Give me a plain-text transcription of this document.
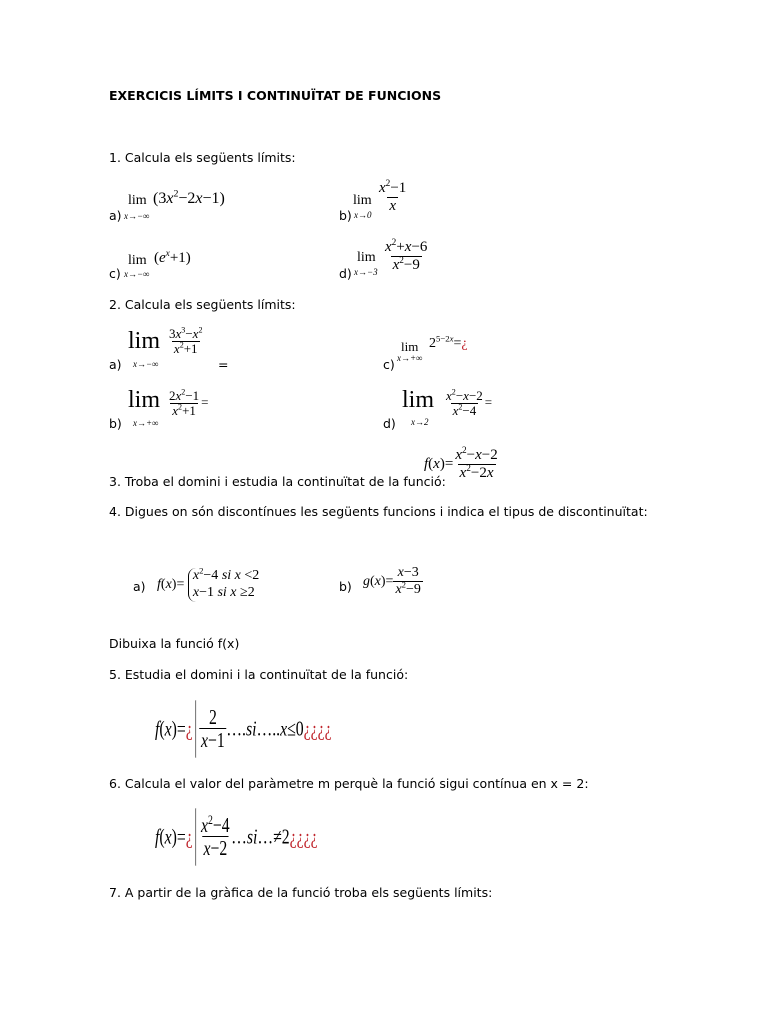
EXERCICIS LÍMITS I CONTINUÏTAT DE FUNCIONS
1. Calcula els següents límits:
a)
lim
x→−∞
$(3x^2-2x-1)$
b)
lim
x→0
$\frac{x^2-1}{x}$
c)
lim
x→−∞
$(e^x+1)$
d)
lim
$x\to-3 \frac{x^2+x-6}{x^2-9}$
2. Calcula els següents límits:
a)
lim
x→−∞
$\frac{3x^3-x^2}{x^2+1}$
=	c)
lim
x→+∞
$2^{5-2x}=¿$
b)
lim
x→+∞
$\frac{2x^2-1}{x^2+1}$ =
d)
lim
x→2
$\frac{x^2-x-2}{x^2-4}$ =
3. Troba el domini i estudia la continuïtat de la funció:
$f(x)= \frac{x^2-x-2}{x^2-2x}$
4. Digues on són discontínues les següents funcions i indica el tipus de discontinuïtat:
a) $f(x)= x^2-4$ si x <2
x−1 si x ≥2	b) $g(x)= \frac{x-3}{x^2-9}$
Dibuixa la funció f(x)
5. Estudia el domini i la continuïtat de la funció:
f(x)=¿ $\frac{2}{x-1}$ ….si…..x≤0¿¿¿¿
6. Calcula el valor del paràmetre m perquè la funció sigui contínua en x = 2:
f(x)=¿ $\frac{x^2-4}{x-2}$ …si…≠2¿¿¿¿
7. A partir de la gràfica de la funció troba els següents límits:
